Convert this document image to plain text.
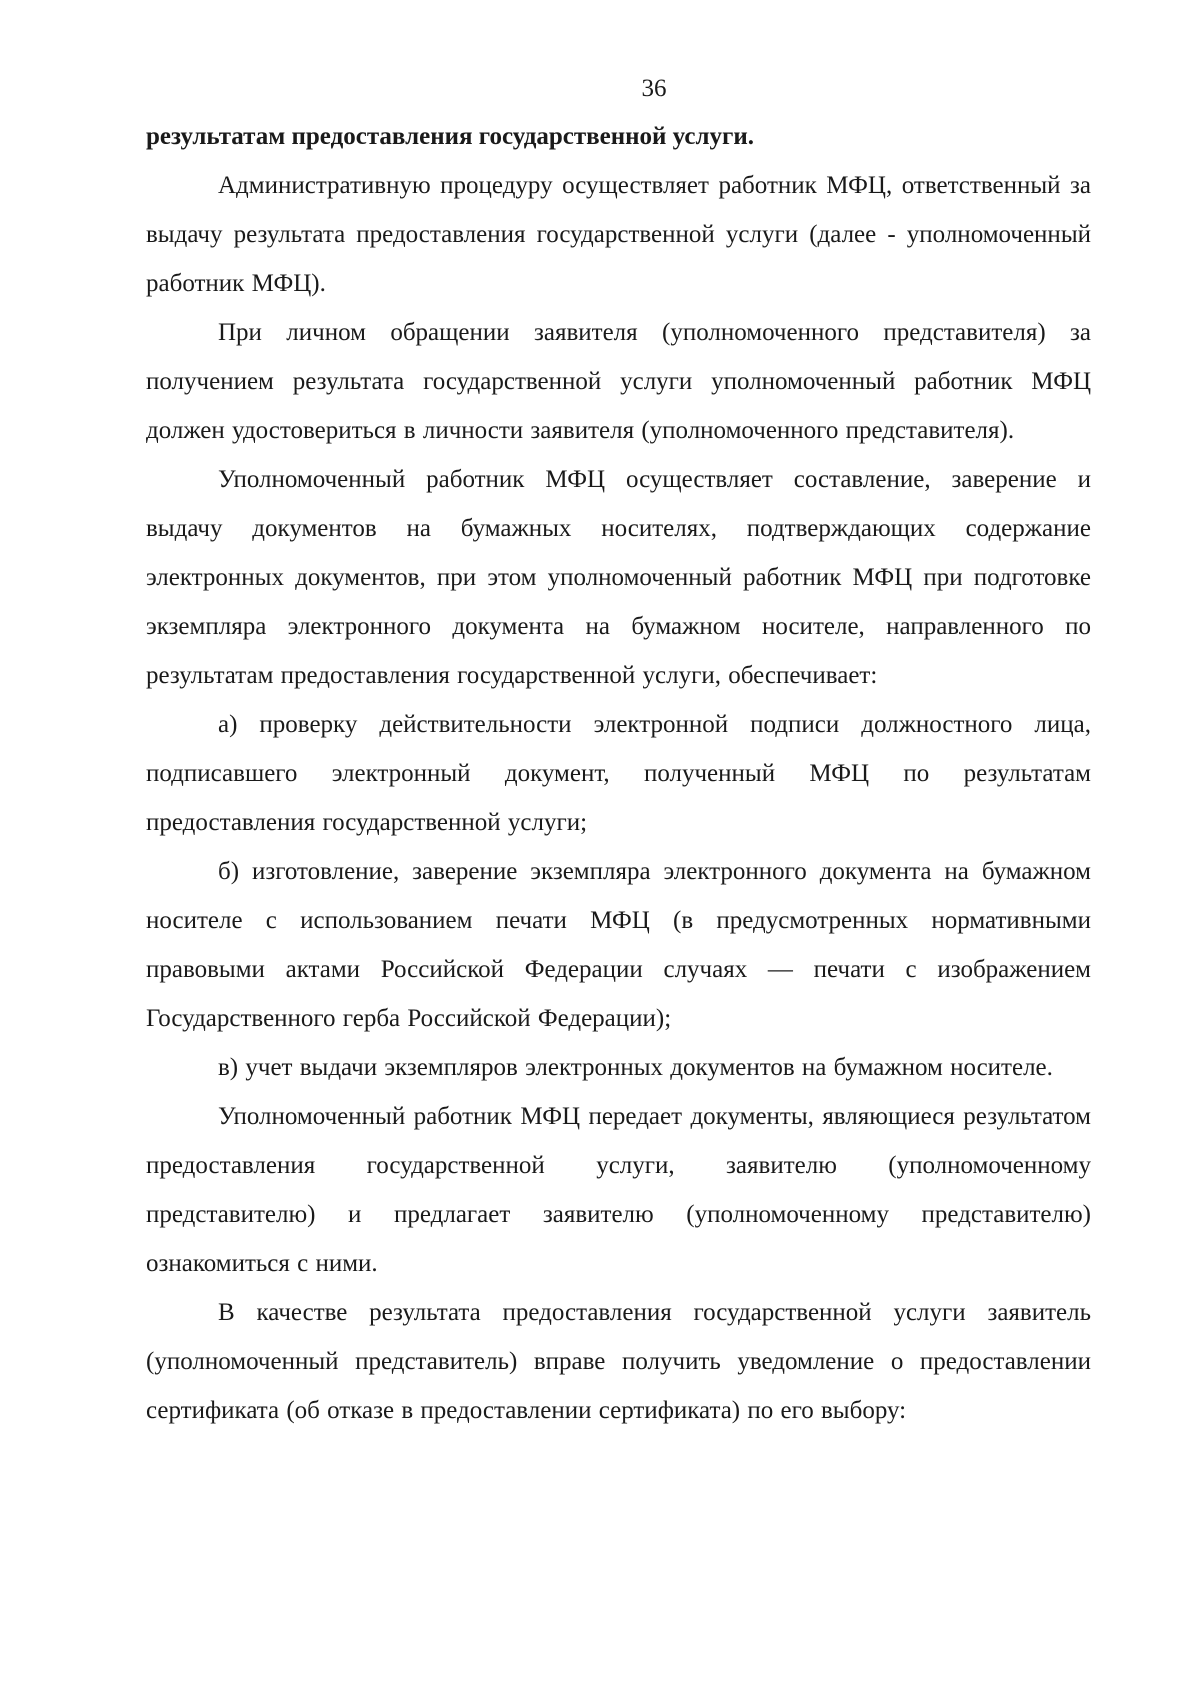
36

результатам предоставления государственной услуги.

Административную процедуру осуществляет работник МФЦ, ответственный за выдачу результата предоставления государственной услуги (далее - уполномоченный работник МФЦ).

При личном обращении заявителя (уполномоченного представителя) за получением результата государственной услуги уполномоченный работник МФЦ должен удостовериться в личности заявителя (уполномоченного представителя).

Уполномоченный работник МФЦ осуществляет составление, заверение и выдачу документов на бумажных носителях, подтверждающих содержание электронных документов, при этом уполномоченный работник МФЦ при подготовке экземпляра электронного документа на бумажном носителе, направленного по результатам предоставления государственной услуги, обеспечивает:

а) проверку действительности электронной подписи должностного лица, подписавшего электронный документ, полученный МФЦ по результатам предоставления государственной услуги;

б) изготовление, заверение экземпляра электронного документа на бумажном носителе с использованием печати МФЦ (в предусмотренных нормативными правовыми актами Российской Федерации случаях — печати с изображением Государственного герба Российской Федерации);

в) учет выдачи экземпляров электронных документов на бумажном носителе.

Уполномоченный работник МФЦ передает документы, являющиеся результатом предоставления государственной услуги, заявителю (уполномоченному представителю) и предлагает заявителю (уполномоченному представителю) ознакомиться с ними.

В качестве результата предоставления государственной услуги заявитель (уполномоченный представитель) вправе получить уведомление о предоставлении сертификата (об отказе в предоставлении сертификата) по его выбору:
